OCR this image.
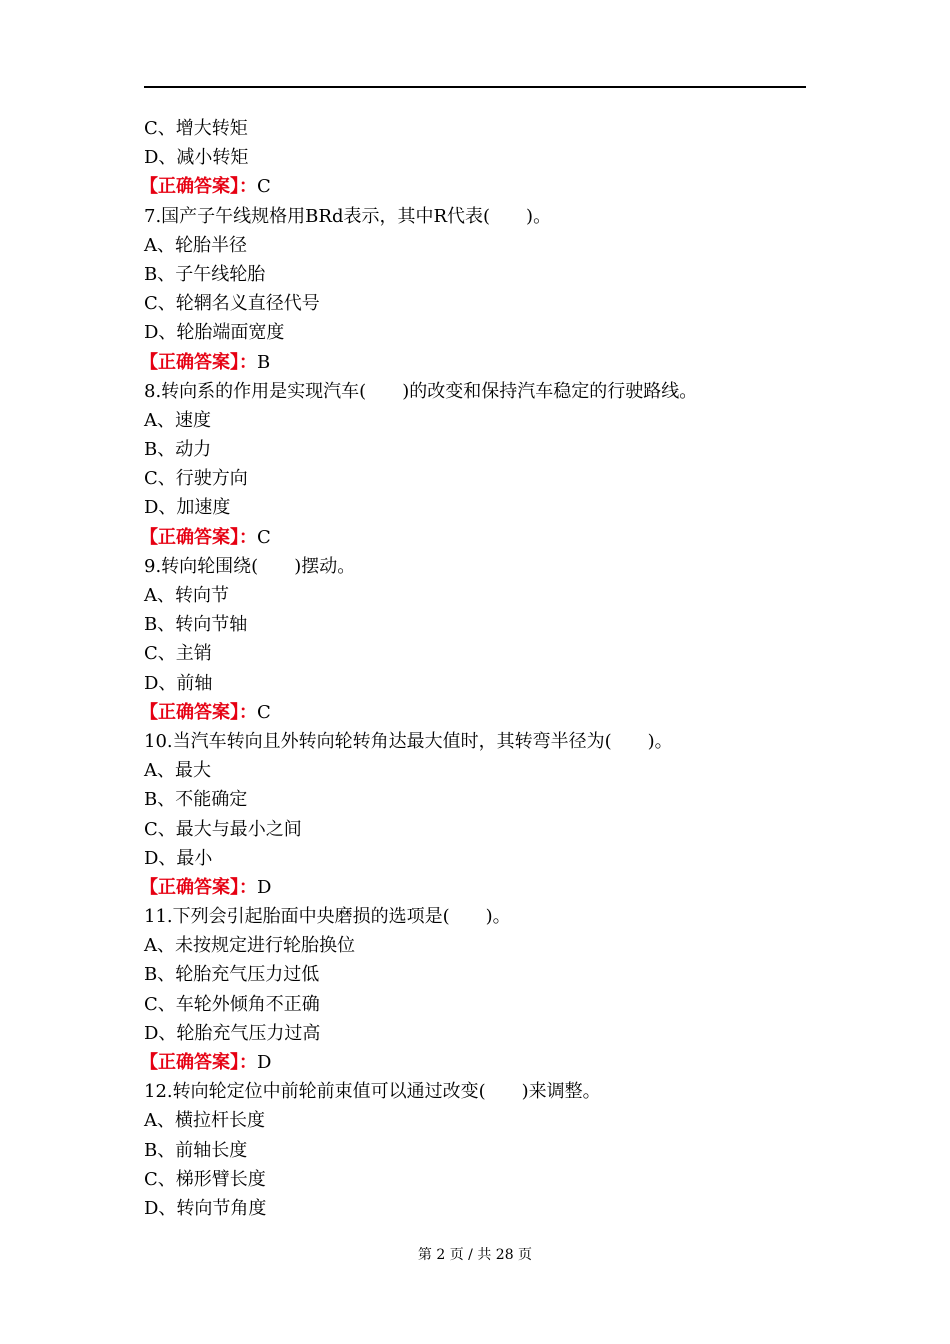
C、增大转矩
D、减小转矩
【正确答案】：C
7.国产子午线规格用BRd表示，其中R代表(　　)。
A、轮胎半径
B、子午线轮胎
C、轮辋名义直径代号
D、轮胎端面宽度
【正确答案】：B
8.转向系的作用是实现汽车(　　)的改变和保持汽车稳定的行驶路线。
A、速度
B、动力
C、行驶方向
D、加速度
【正确答案】：C
9.转向轮围绕(　　)摆动。
A、转向节
B、转向节轴
C、主销
D、前轴
【正确答案】：C
10.当汽车转向且外转向轮转角达最大值时，其转弯半径为(　　)。
A、最大
B、不能确定
C、最大与最小之间
D、最小
【正确答案】：D
11.下列会引起胎面中央磨损的选项是(　　)。
A、未按规定进行轮胎换位
B、轮胎充气压力过低
C、车轮外倾角不正确
D、轮胎充气压力过高
【正确答案】：D
12.转向轮定位中前轮前束值可以通过改变(　　)来调整。
A、横拉杆长度
B、前轴长度
C、梯形臂长度
D、转向节角度
第 2 页 / 共 28 页
